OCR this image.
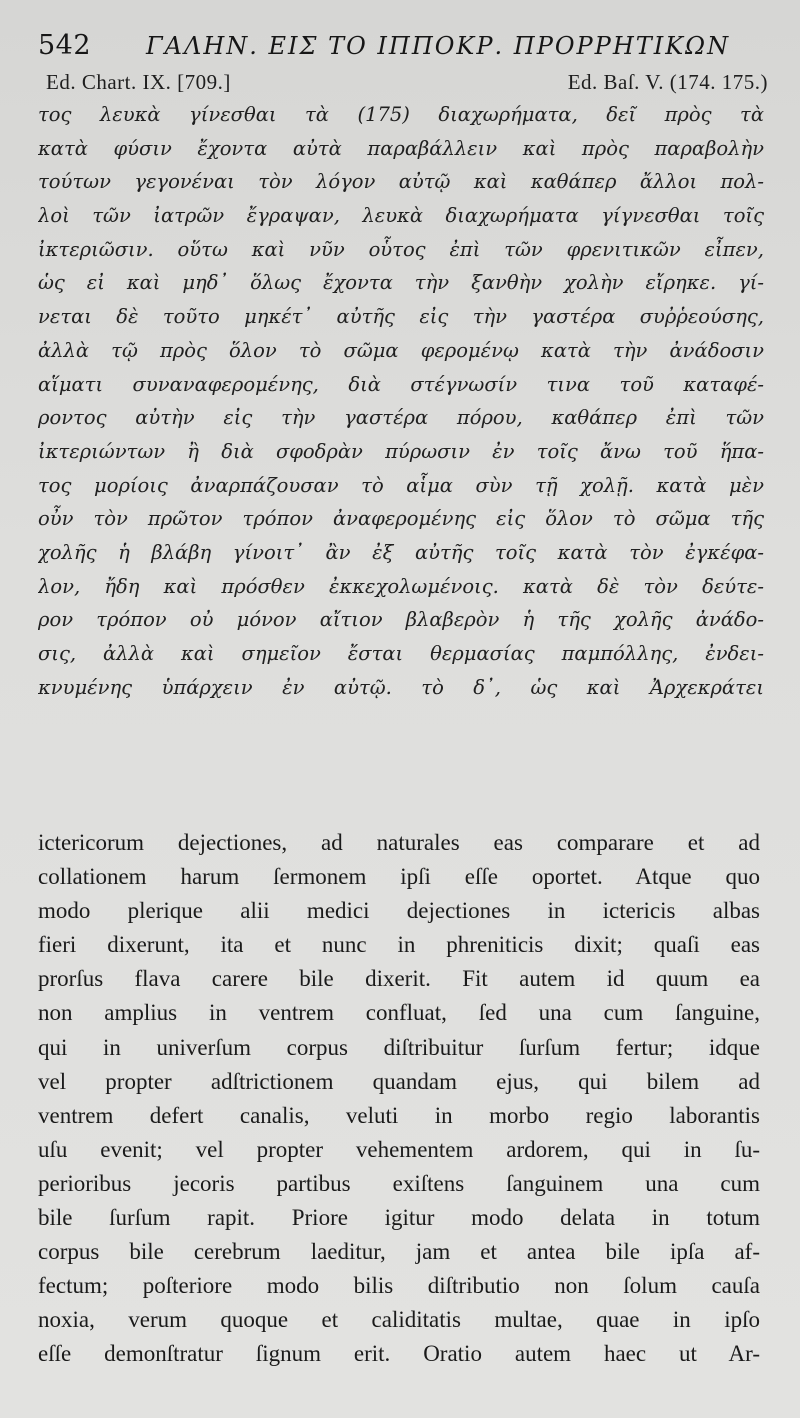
542 ΓΑΛΗΝ. ΕΙΣ ΤΟ ΙΠΠΟΚΡ. ΠΡΟΡΡΗΤΙΚΩΝ
Ed. Chart. IX. [709.]	Ed. Baſ. V. (174. 175.)
τος λευκὰ γίνεσθαι τὰ (175) διαχωρήματα, δεῖ πρὸς τὰ
κατὰ φύσιν ἔχοντα αὐτὰ παραβάλλειν καὶ πρὸς παραβολὴν
τούτων γεγονέναι τὸν λόγον αὐτῷ καὶ καθάπερ ἄλλοι πολ-
λοὶ τῶν ἰατρῶν ἔγραψαν, λευκὰ διαχωρήματα γίγνεσθαι τοῖς
ἰκτεριῶσιν. οὕτω καὶ νῦν οὗτος ἐπὶ τῶν φρενιτικῶν εἶπεν,
ὡς εἰ καὶ μηδ᾽ ὅλως ἔχοντα τὴν ξανθὴν χολὴν εἴρηκε. γί-
νεται δὲ τοῦτο μηκέτ᾽ αὐτῆς εἰς τὴν γαστέρα συῤῥεούσης,
ἀλλὰ τῷ πρὸς ὅλον τὸ σῶμα φερομένῳ κατὰ τὴν ἀνάδοσιν
αἵματι συναναφερομένης, διὰ στέγνωσίν τινα τοῦ καταφέ-
ροντος αὐτὴν εἰς τὴν γαστέρα πόρου, καθάπερ ἐπὶ τῶν
ἰκτεριώντων ἢ διὰ σφοδρὰν πύρωσιν ἐν τοῖς ἄνω τοῦ ἥπα-
τος μορίοις ἀναρπάζουσαν τὸ αἷμα σὺν τῇ χολῇ. κατὰ μὲν
οὖν τὸν πρῶτον τρόπον ἀναφερομένης εἰς ὅλον τὸ σῶμα τῆς
χολῆς ἡ βλάβη γίνοιτ᾽ ἂν ἐξ αὐτῆς τοῖς κατὰ τὸν ἐγκέφα-
λον, ἤδη καὶ πρόσθεν ἐκκεχολωμένοις. κατὰ δὲ τὸν δεύτε-
ρον τρόπον οὐ μόνον αἴτιον βλαβερὸν ἡ τῆς χολῆς ἀνάδο-
σις, ἀλλὰ καὶ σημεῖον ἔσται θερμασίας παμπόλλης, ἐνδει-
κνυμένης ὑπάρχειν ἐν αὐτῷ. τὸ δ᾽, ὡς καὶ Ἀρχεκράτει
ictericorum dejectiones, ad naturales eas comparare et ad
collationem harum ſermonem ipſi eſſe oportet. Atque quo
modo plerique alii medici dejectiones in ictericis albas
fieri dixerunt, ita et nunc in phreniticis dixit; quaſi eas
prorſus flava carere bile dixerit. Fit autem id quum ea
non amplius in ventrem confluat, ſed una cum ſanguine,
qui in univerſum corpus diſtribuitur ſurſum fertur; idque
vel propter adſtrictionem quandam ejus, qui bilem ad
ventrem defert canalis, veluti in morbo regio laborantis
uſu evenit; vel propter vehementem ardorem, qui in ſu-
perioribus jecoris partibus exiſtens ſanguinem una cum
bile ſurſum rapit. Priore igitur modo delata in totum
corpus bile cerebrum laeditur, jam et antea bile ipſa af-
fectum; poſteriore modo bilis diſtributio non ſolum cauſa
noxia, verum quoque et caliditatis multae, quae in ipſo
eſſe demonſtratur ſignum erit. Oratio autem haec ut Ar-
